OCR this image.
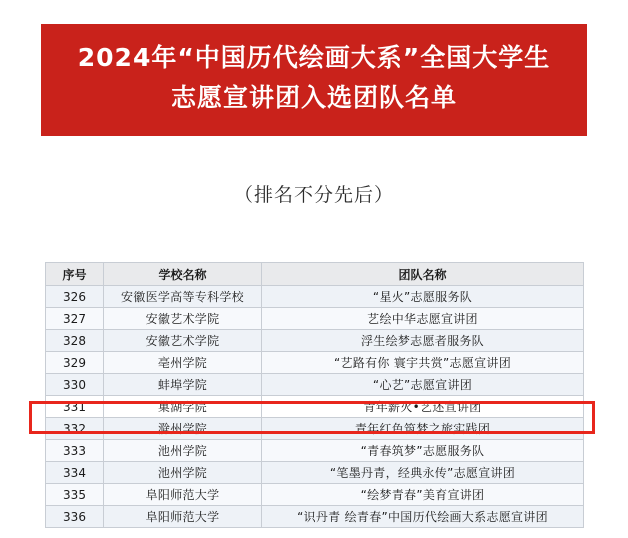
2024年“中国历代绘画大系”全国大学生
志愿宣讲团入选团队名单
（排名不分先后）
序号	学校名称	团队名称
326	安徽医学高等专科学校	“星火”志愿服务队
327	安徽艺术学院	艺绘中华志愿宣讲团
328	安徽艺术学院	浮生绘梦志愿者服务队
329	亳州学院	“艺路有你 寰宇共赏”志愿宣讲团
330	蚌埠学院	“心艺”志愿宣讲团
331	巢湖学院	青年薪火•艺述宣讲团
332	滁州学院	青年红色筑梦之旅实践团
333	池州学院	“青春筑梦”志愿服务队
334	池州学院	“笔墨丹青，经典永传”志愿宣讲团
335	阜阳师范大学	“绘梦青春”美育宣讲团
336	阜阳师范大学	“识丹青 绘青春”中国历代绘画大系志愿宣讲团
